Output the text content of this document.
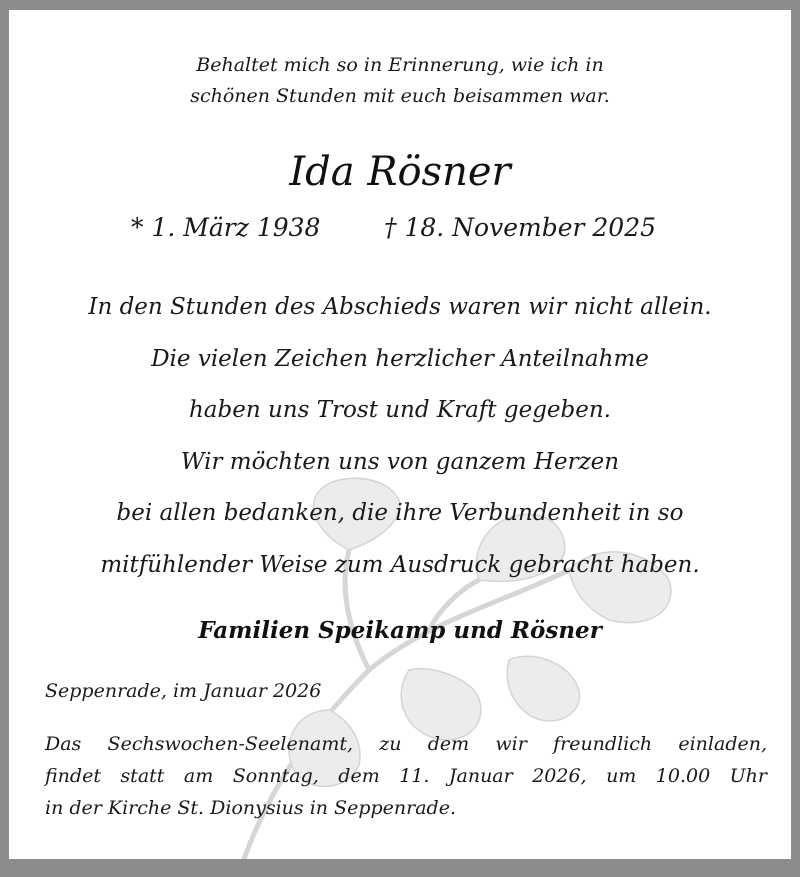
Behaltet mich so in Erinnerung, wie ich in
schönen Stunden mit euch beisammen war.
Ida Rösner
* 1. März 1938	† 18. November 2025
In den Stunden des Abschieds waren wir nicht allein.
Die vielen Zeichen herzlicher Anteilnahme
haben uns Trost und Kraft gegeben.
Wir möchten uns von ganzem Herzen
bei allen bedanken, die ihre Verbundenheit in so
mitfühlender Weise zum Ausdruck gebracht haben.
Familien Speikamp und Rösner
Seppenrade, im Januar 2026
Das Sechswochen-Seelenamt, zu dem wir freundlich einladen,
findet statt am Sonntag, dem 11. Januar 2026, um 10.00 Uhr
in der Kirche St. Dionysius in Seppenrade.
